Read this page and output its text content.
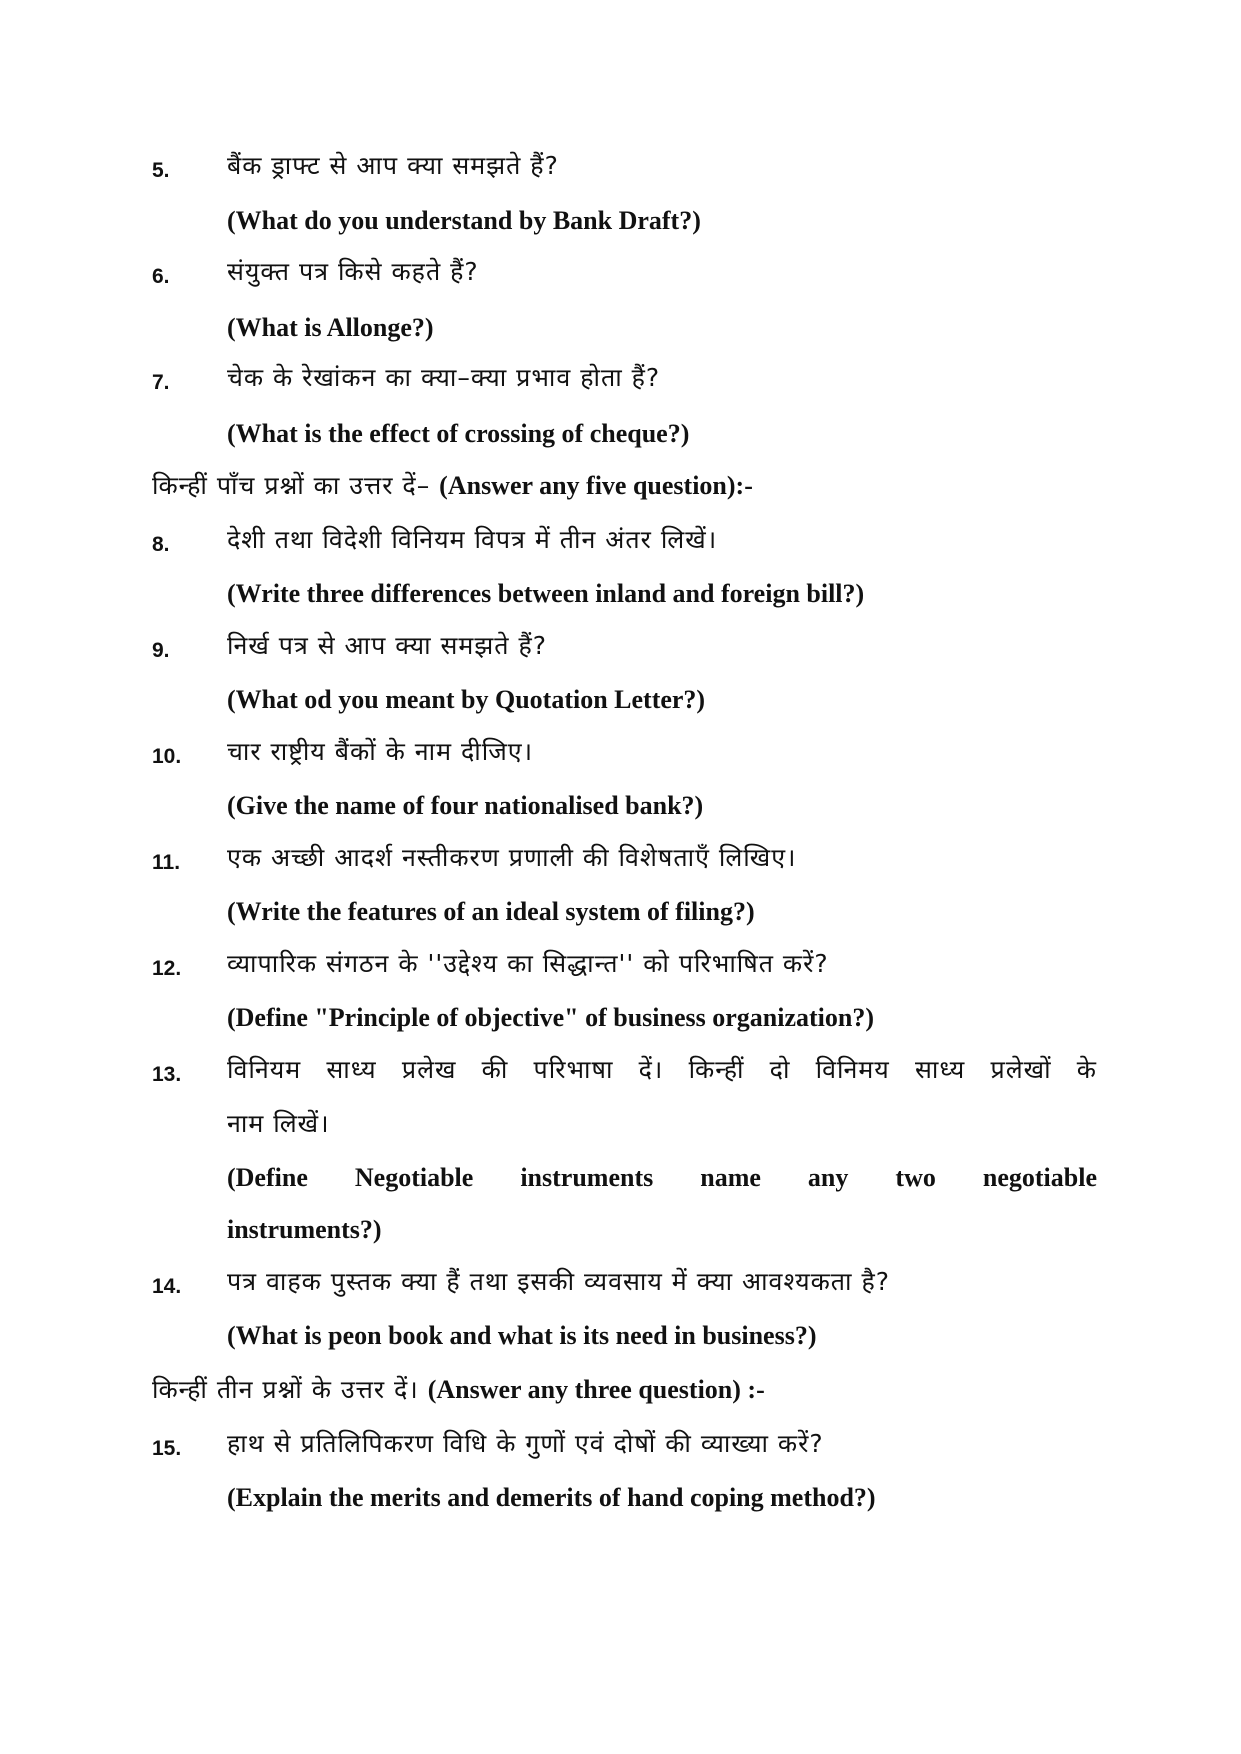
5. बैंक ड्राफ्ट से आप क्या समझते हैं?
(What do you understand by Bank Draft?)
6. संयुक्त पत्र किसे कहते हैं?
(What is Allonge?)
7. चेक के रेखांकन का क्या–क्या प्रभाव होता हैं?
(What is the effect of crossing of cheque?)
किन्हीं पाँच प्रश्नों का उत्तर दें– (Answer any five question):-
8. देशी तथा विदेशी विनियम विपत्र में तीन अंतर लिखें।
(Write three differences between inland and foreign bill?)
9. निर्ख पत्र से आप क्या समझते हैं?
(What od you meant by Quotation Letter?)
10. चार राष्ट्रीय बैंकों के नाम दीजिए।
(Give the name of four nationalised bank?)
11. एक अच्छी आदर्श नस्तीकरण प्रणाली की विशेषताएँ लिखिए।
(Write the features of an ideal system of filing?)
12. व्यापारिक संगठन के ''उद्देश्य का सिद्धान्त'' को परिभाषित करें?
(Define "Principle of objective" of business organization?)
13. विनियम साध्य प्रलेख की परिभाषा दें। किन्हीं दो विनिमय साध्य प्रलेखों के
नाम लिखें।
(Define Negotiable instruments name any two negotiable
instruments?)
14. पत्र वाहक पुस्तक क्या हैं तथा इसकी व्यवसाय में क्या आवश्यकता है?
(What is peon book and what is its need in business?)
किन्हीं तीन प्रश्नों के उत्तर दें। (Answer any three question) :-
15. हाथ से प्रतिलिपिकरण विधि के गुणों एवं दोषों की व्याख्या करें?
(Explain the merits and demerits of hand coping method?)
